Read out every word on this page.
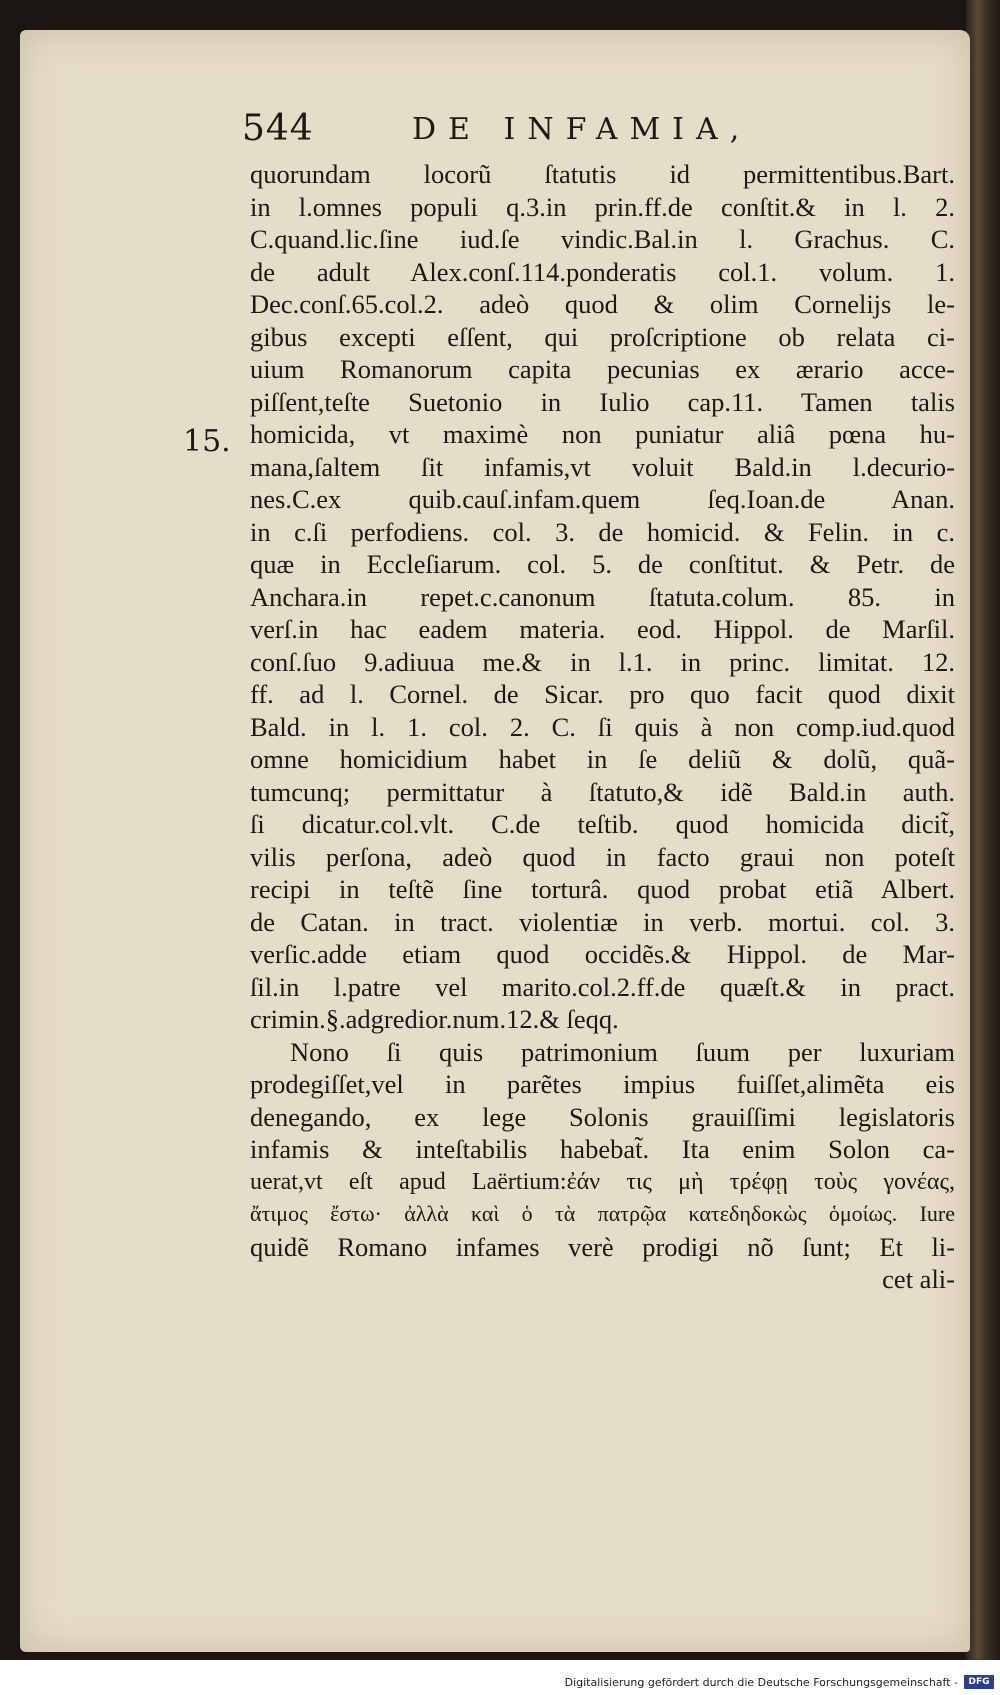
544	DE INFAMIA,
15.
quorundam locorũ ſtatutis id permittentibus.Bart.
in l.omnes populi q.3.in prin.ff.de conſtit.& in l. 2.
C.quand.lic.ſine iud.ſe vindic.Bal.in l. Grachus. C.
de adult Alex.conſ.114.ponderatis col.1. volum. 1.
Dec.conſ.65.col.2. adeò quod & olim Cornelijs le-
gibus excepti eſſent, qui proſcriptione ob relata ci-
uium Romanorum capita pecunias ex ærario acce-
piſſent,teſte Suetonio in Iulio cap.11. Tamen talis
homicida, vt maximè non puniatur aliâ pœna hu-
mana,ſaltem ſit infamis,vt voluit Bald.in l.decurio-
nes.C.ex quib.cauſ.infam.quem ſeq.Ioan.de Anan.
in c.ſi perfodiens. col. 3. de homicid. & Felin. in c.
quæ in Eccleſiarum. col. 5. de conſtitut. & Petr. de
Anchara.in repet.c.canonum ſtatuta.colum. 85. in
verſ.in hac eadem materia. eod. Hippol. de Marſil.
conſ.ſuo 9.adiuua me.& in l.1. in princ. limitat. 12.
ff. ad l. Cornel. de Sicar. pro quo facit quod dixit
Bald. in l. 1. col. 2. C. ſi quis à non comp.iud.quod
omne homicidium habet in ſe deliũ & dolũ, quã-
tumcunq; permittatur à ſtatuto,& idẽ Bald.in auth.
ſi dicatur.col.vlt. C.de teſtib. quod homicida dicit̃,
vilis perſona, adeò quod in facto graui non poteſt
recipi in teſtẽ ſine torturâ. quod probat etiã Albert.
de Catan. in tract. violentiæ in verb. mortui. col. 3.
verſic.adde etiam quod occidẽs.& Hippol. de Mar-
ſil.in l.patre vel marito.col.2.ff.de quæſt.& in pract.
crimin.§.adgredior.num.12.& ſeqq.
Nono ſi quis patrimonium ſuum per luxuriam
prodegiſſet,vel in parẽtes impius fuiſſet,alimẽta eis
denegando, ex lege Solonis grauiſſimi legislatoris
infamis & inteſtabilis habebat̃. Ita enim Solon ca-
uerat,vt eſt apud Laërtium:ἐάν τις μὴ τρέφῃ τοὺς γονέας,
ἄτιμος ἔστω· ἀλλὰ καὶ ὁ τὰ πατρῷα κατεδηδοκὼς ὁμοίως. Iure
quidẽ Romano infames verè prodigi nõ ſunt; Et li-
cet ali-
Digitalisierung gefördert durch die Deutsche Forschungsgemeinschaft -	DFG
